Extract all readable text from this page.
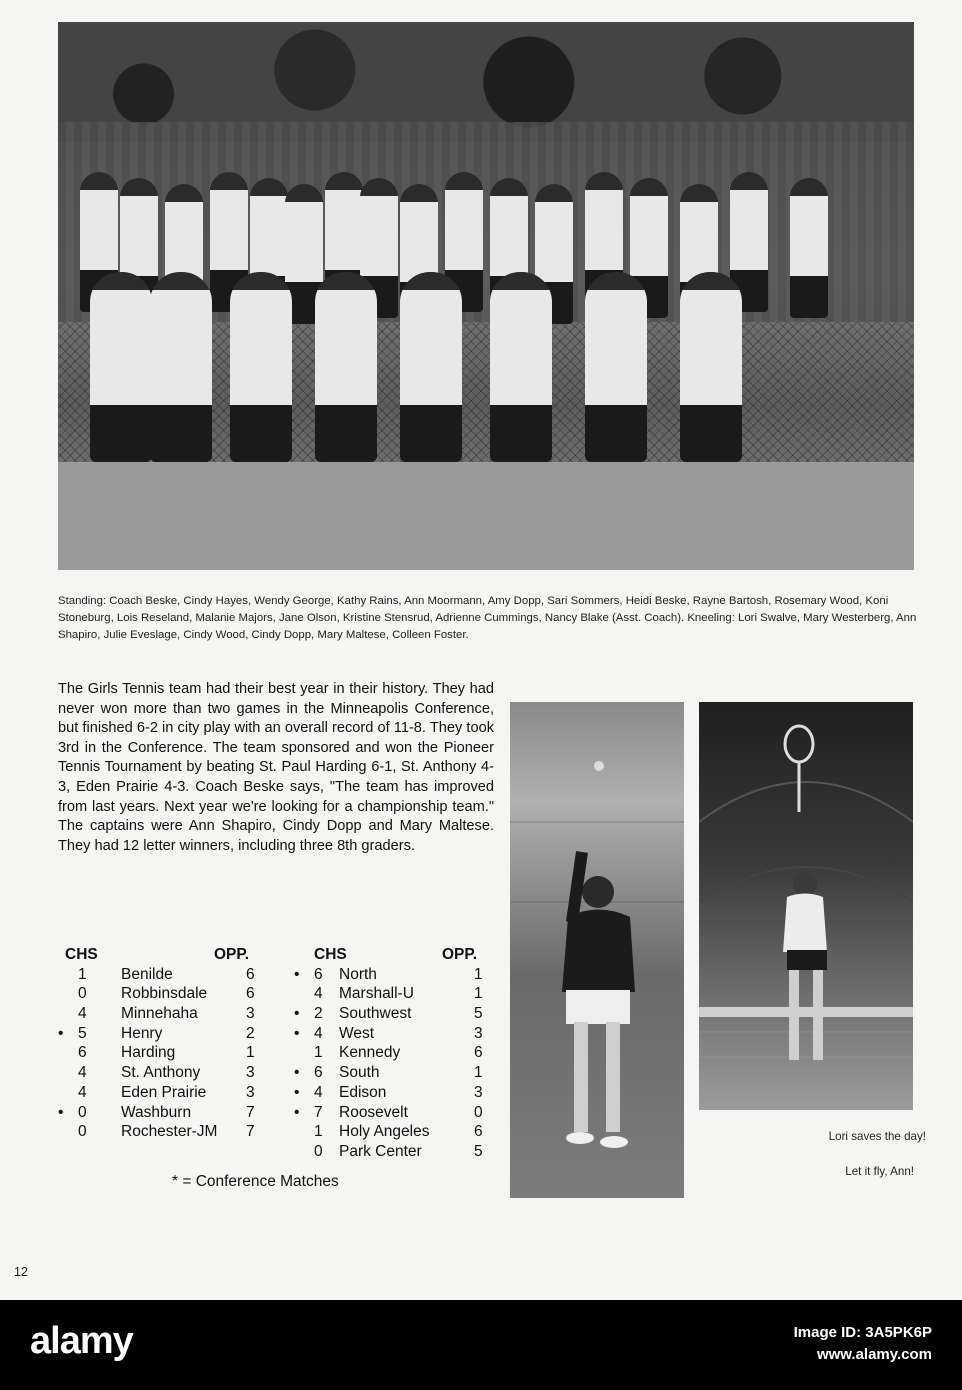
Standing: Coach Beske, Cindy Hayes, Wendy George, Kathy Rains, Ann Moormann, Amy Dopp, Sari Sommers, Heidi Beske, Rayne Bartosh, Rosemary Wood, Koni Stoneburg, Lois Reseland, Malanie Majors, Jane Olson, Kristine Stensrud, Adrienne Cummings, Nancy Blake (Asst. Coach). Kneeling: Lori Swalve, Mary Westerberg, Ann Shapiro, Julie Eveslage, Cindy Wood, Cindy Dopp, Mary Maltese, Colleen Foster.
The Girls Tennis team had their best year in their history. They had never won more than two games in the Minneapolis Conference, but finished 6-2 in city play with an overall record of 11-8. They took 3rd in the Conference. The team sponsored and won the Pioneer Tennis Tournament by beating St. Paul Harding 6-1, St. Anthony 4-3, Eden Prairie 4-3. Coach Beske says, "The team has improved from last years. Next year we're looking for a championship team." The captains were Ann Shapiro, Cindy Dopp and Mary Maltese. They had 12 letter winners, including three 8th graders.
CHS	OPP.
1 Benilde	6
0 Robbinsdale	6
4 Minnehaha	3
• 5 Henry	2
6 Harding	1
4 St. Anthony	3
4 Eden Prairie	3
• 0 Washburn	7
0 Rochester-JM 7
CHS	OPP.
• 6 North	1
4 Marshall-U	1
• 2 Southwest	5
• 4 West	3
1 Kennedy	6
• 6 South	1
• 4 Edison	3
• 7 Roosevelt	0
1 Holy Angeles	6
0 Park Center	5
* = Conference Matches
Lori saves the day!
Let it fly, Ann!
12
alamy	Image ID: 3A5PK6P
www.alamy.com
